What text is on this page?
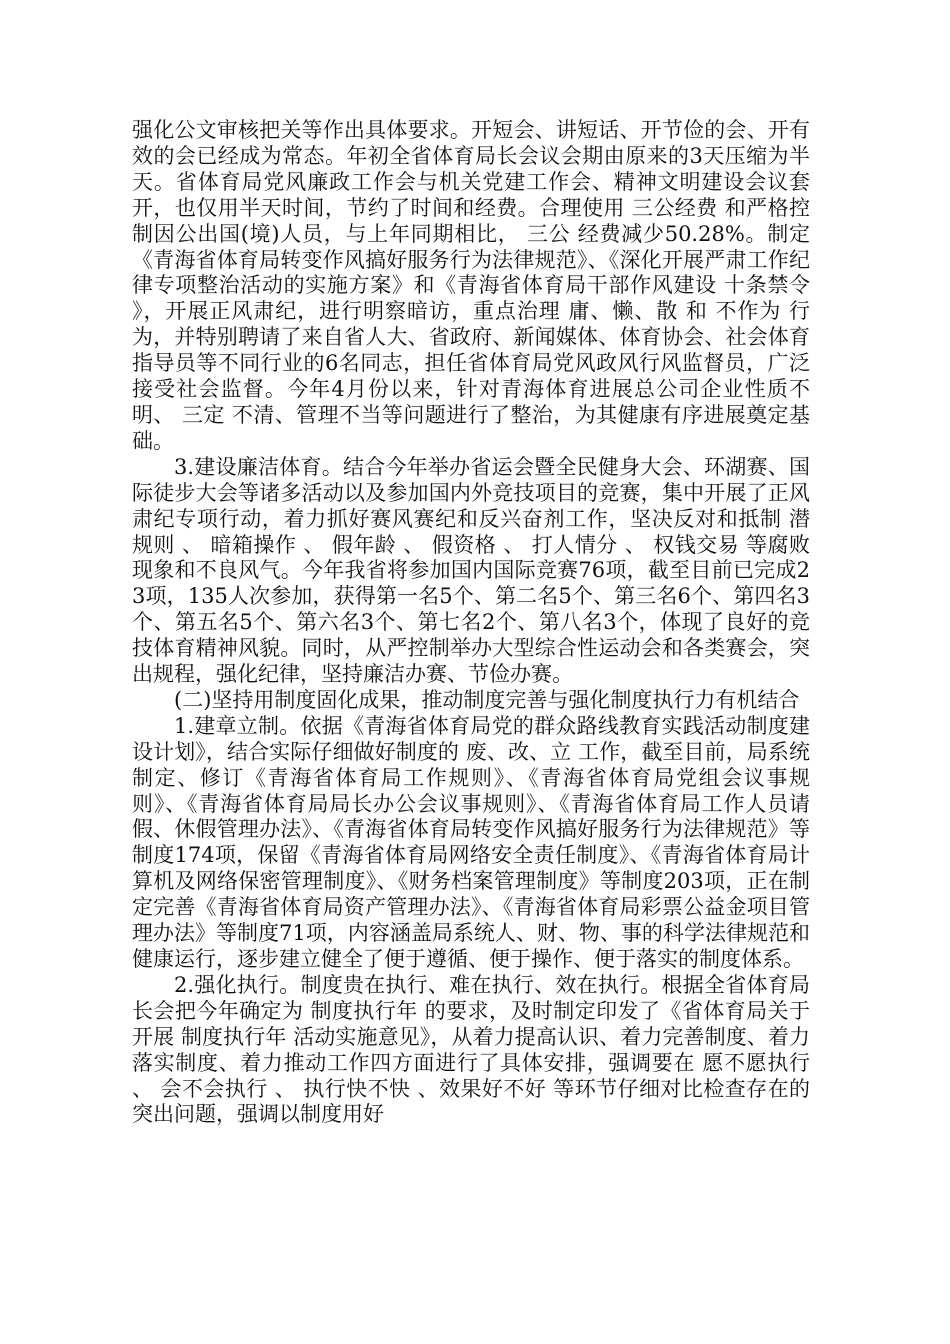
强化公文审核把关等作出具体要求。开短会、讲短话、开节俭的会、开有效的会已经成为常态。年初全省体育局长会议会期由原来的3天压缩为半天。省体育局党风廉政工作会与机关党建工作会、精神文明建设会议套开，也仅用半天时间，节约了时间和经费。合理使用 三公经费 和严格控制因公出国(境)人员，与上年同期相比， 三公 经费减少50.28%。制定《青海省体育局转变作风搞好服务行为法律规范》、《深化开展严肃工作纪律专项整治活动的实施方案》和《青海省体育局干部作风建设 十条禁令 》，开展正风肃纪，进行明察暗访，重点治理 庸、懒、散 和 不作为 行为，并特别聘请了来自省人大、省政府、新闻媒体、体育协会、社会体育指导员等不同行业的6名同志，担任省体育局党风政风行风监督员，广泛接受社会监督。今年4月份以来，针对青海体育进展总公司企业性质不明、 三定 不清、管理不当等问题进行了整治，为其健康有序进展奠定基础。

3.建设廉洁体育。结合今年举办省运会暨全民健身大会、环湖赛、国际徒步大会等诸多活动以及参加国内外竞技项目的竞赛，集中开展了正风肃纪专项行动，着力抓好赛风赛纪和反兴奋剂工作，坚决反对和抵制 潜规则 、 暗箱操作 、 假年龄 、 假资格 、 打人情分 、 权钱交易 等腐败现象和不良风气。今年我省将参加国内国际竞赛76项，截至目前已完成23项，135人次参加，获得第一名5个、第二名5个、第三名6个、第四名3个、第五名5个、第六名3个、第七名2个、第八名3个，体现了良好的竞技体育精神风貌。同时，从严控制举办大型综合性运动会和各类赛会，突出规程，强化纪律，坚持廉洁办赛、节俭办赛。

(二)坚持用制度固化成果，推动制度完善与强化制度执行力有机结合

1.建章立制。依据《青海省体育局党的群众路线教育实践活动制度建设计划》，结合实际仔细做好制度的 废、改、立 工作，截至目前，局系统制定、修订《青海省体育局工作规则》、《青海省体育局党组会议事规则》、《青海省体育局局长办公会议事规则》、《青海省体育局工作人员请假、休假管理办法》、《青海省体育局转变作风搞好服务行为法律规范》等制度174项，保留《青海省体育局网络安全责任制度》、《青海省体育局计算机及网络保密管理制度》、《财务档案管理制度》等制度203项，正在制定完善《青海省体育局资产管理办法》、《青海省体育局彩票公益金项目管理办法》等制度71项，内容涵盖局系统人、财、物、事的科学法律规范和健康运行，逐步建立健全了便于遵循、便于操作、便于落实的制度体系。

2.强化执行。制度贵在执行、难在执行、效在执行。根据全省体育局长会把今年确定为 制度执行年 的要求，及时制定印发了《省体育局关于开展 制度执行年 活动实施意见》，从着力提高认识、着力完善制度、着力落实制度、着力推动工作四方面进行了具体安排，强调要在 愿不愿执行 、 会不会执行 、 执行快不快 、效果好不好 等环节仔细对比检查存在的突出问题，强调以制度用好
